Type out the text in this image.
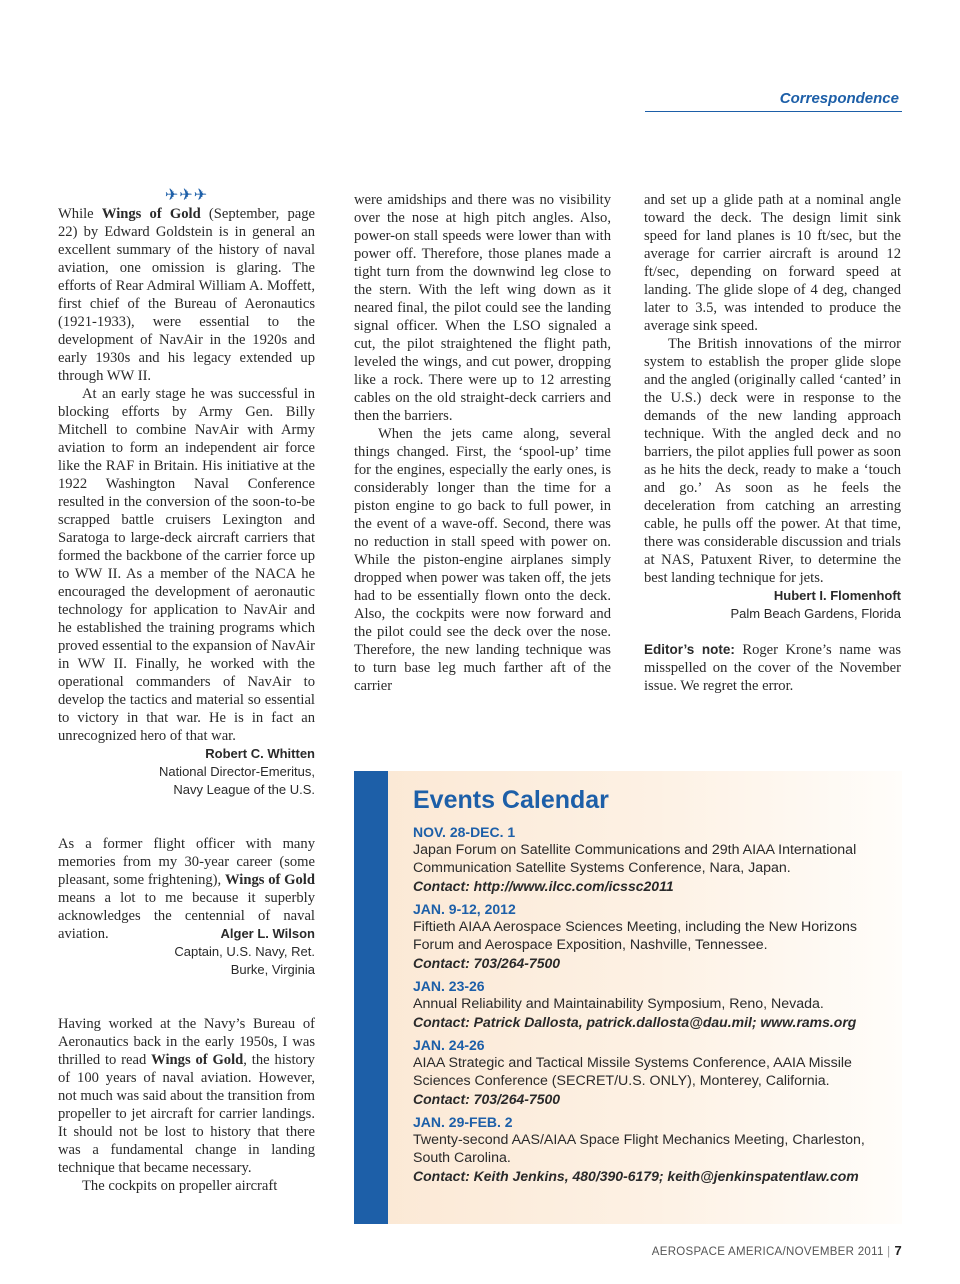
Correspondence
✈✈✈

While Wings of Gold (September, page 22) by Edward Goldstein is in general an excellent summary of the history of naval aviation, one omission is glaring. The efforts of Rear Admiral William A. Moffett, first chief of the Bureau of Aeronautics (1921-1933), were essential to the development of NavAir in the 1920s and early 1930s and his legacy extended up through WW II.

At an early stage he was successful in blocking efforts by Army Gen. Billy Mitchell to combine NavAir with Army aviation to form an independent air force like the RAF in Britain. His initiative at the 1922 Washington Naval Conference resulted in the conversion of the soon-to-be scrapped battle cruisers Lexington and Saratoga to large-deck aircraft carriers that formed the backbone of the carrier force up to WW II. As a member of the NACA he encouraged the development of aeronautic technology for application to NavAir and he established the training programs which proved essential to the expansion of NavAir in WW II. Finally, he worked with the operational commanders of NavAir to develop the tactics and material so essential to victory in that war. He is in fact an unrecognized hero of that war.

Robert C. Whitten
National Director-Emeritus,
Navy League of the U.S.

As a former flight officer with many memories from my 30-year career (some pleasant, some frightening), Wings of Gold means a lot to me because it superbly acknowledges the centennial of naval aviation.	Alger L. Wilson

Captain, U.S. Navy, Ret.
Burke, Virginia

Having worked at the Navy’s Bureau of Aeronautics back in the early 1950s, I was thrilled to read Wings of Gold, the history of 100 years of naval aviation. However, not much was said about the transition from propeller to jet aircraft for carrier landings. It should not be lost to history that there was a fundamental change in landing technique that became necessary.

The cockpits on propeller aircraft

were amidships and there was no visibility over the nose at high pitch angles. Also, power-on stall speeds were lower than with power off. Therefore, those planes made a tight turn from the downwind leg close to the stern. With the left wing down as it neared final, the pilot could see the landing signal officer. When the LSO signaled a cut, the pilot straightened the flight path, leveled the wings, and cut power, dropping like a rock. There were up to 12 arresting cables on the old straight-deck carriers and then the barriers.

When the jets came along, several things changed. First, the ‘spool-up’ time for the engines, especially the early ones, is considerably longer than the time for a piston engine to go back to full power, in the event of a wave-off. Second, there was no reduction in stall speed with power on. While the piston-engine airplanes simply dropped when power was taken off, the jets had to be essentially flown onto the deck. Also, the cockpits were now forward and the pilot could see the deck over the nose. Therefore, the new landing technique was to turn base leg much farther aft of the carrier

and set up a glide path at a nominal angle toward the deck. The design limit sink speed for land planes is 10 ft/sec, but the average for carrier aircraft is around 12 ft/sec, depending on forward speed at landing. The glide slope of 4 deg, changed later to 3.5, was intended to produce the average sink speed.

The British innovations of the mirror system to establish the proper glide slope and the angled (originally called ‘canted’ in the U.S.) deck were in response to the demands of the new landing approach technique. With the angled deck and no barriers, the pilot applies full power as soon as he hits the deck, ready to make a ‘touch and go.’ As soon as he feels the deceleration from catching an arresting cable, he pulls off the power. At that time, there was considerable discussion and trials at NAS, Patuxent River, to determine the best landing technique for jets.
Hubert I. Flomenhoft

Palm Beach Gardens, Florida

Editor’s note: Roger Krone’s name was misspelled on the cover of the November issue. We regret the error.

Events Calendar
NOV. 28-DEC. 1
Japan Forum on Satellite Communications and 29th AIAA International Communication Satellite Systems Conference, Nara, Japan.
Contact: http://www.ilcc.com/icssc2011
JAN. 9-12, 2012
Fiftieth AIAA Aerospace Sciences Meeting, including the New Horizons Forum and Aerospace Exposition, Nashville, Tennessee.
Contact: 703/264-7500
JAN. 23-26
Annual Reliability and Maintainability Symposium, Reno, Nevada.
Contact: Patrick Dallosta, patrick.dallosta@dau.mil; www.rams.org
JAN. 24-26
AIAA Strategic and Tactical Missile Systems Conference, AAIA Missile Sciences Conference (SECRET/U.S. ONLY), Monterey, California.
Contact: 703/264-7500
JAN. 29-FEB. 2
Twenty-second AAS/AIAA Space Flight Mechanics Meeting, Charleston, South Carolina.
Contact: Keith Jenkins, 480/390-6179; keith@jenkinspatentlaw.com
AEROSPACE AMERICA/NOVEMBER 2011 | 7
